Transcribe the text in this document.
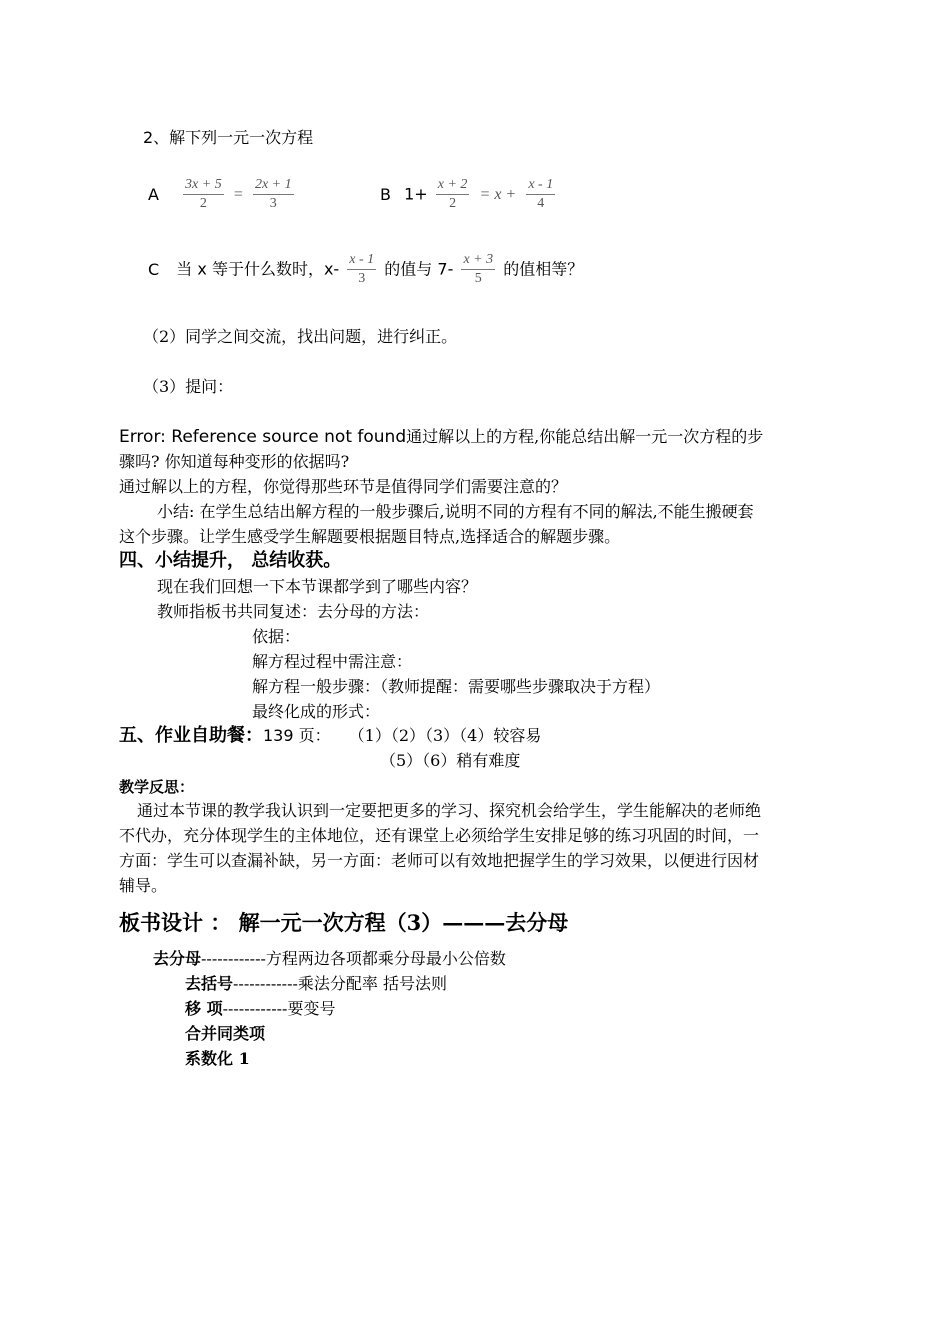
2、解下列一元一次方程
A $\frac{3x + 5}{2} = \frac{2x + 1}{3}$	B $1+ \frac{x + 2}{2} = x + \frac{x - 1}{4}$
C 当 x 等于什么数时，$x- \frac{x - 1}{3}$ 的值与 $7- \frac{x + 3}{5}$ 的值相等？
（2）同学之间交流，找出问题，进行纠正。
（3）提问：
Error: Reference source not found通过解以上的方程,你能总结出解一元一次方程的步
骤吗? 你知道每种变形的依据吗?
通过解以上的方程，你觉得那些环节是值得同学们需要注意的？
小结: 在学生总结出解方程的一般步骤后,说明不同的方程有不同的解法,不能生搬硬套
这个步骤。让学生感受学生解题要根据题目特点,选择适合的解题步骤。
四、小结提升， 总结收获。
现在我们回想一下本节课都学到了哪些内容？
教师指板书共同复述：去分母的方法：
依据：
解方程过程中需注意：
解方程一般步骤：（教师提醒：需要哪些步骤取决于方程）
最终化成的形式：
五、作业自助餐：139 页： （1）（2）（3）（4）较容易
（5）（6）稍有难度
教学反思：
通过本节课的教学我认识到一定要把更多的学习、探究机会给学生，学生能解决的老师绝
不代办，充分体现学生的主体地位，还有课堂上必须给学生安排足够的练习巩固的时间，一
方面：学生可以查漏补缺，另一方面：老师可以有效地把握学生的学习效果，以便进行因材
辅导。
板书设计 ： 解一元一次方程（3）———去分母
去分母------------方程两边各项都乘分母最小公倍数
去括号------------乘法分配率 括号法则
移 项------------要变号
合并同类项
系数化 1
